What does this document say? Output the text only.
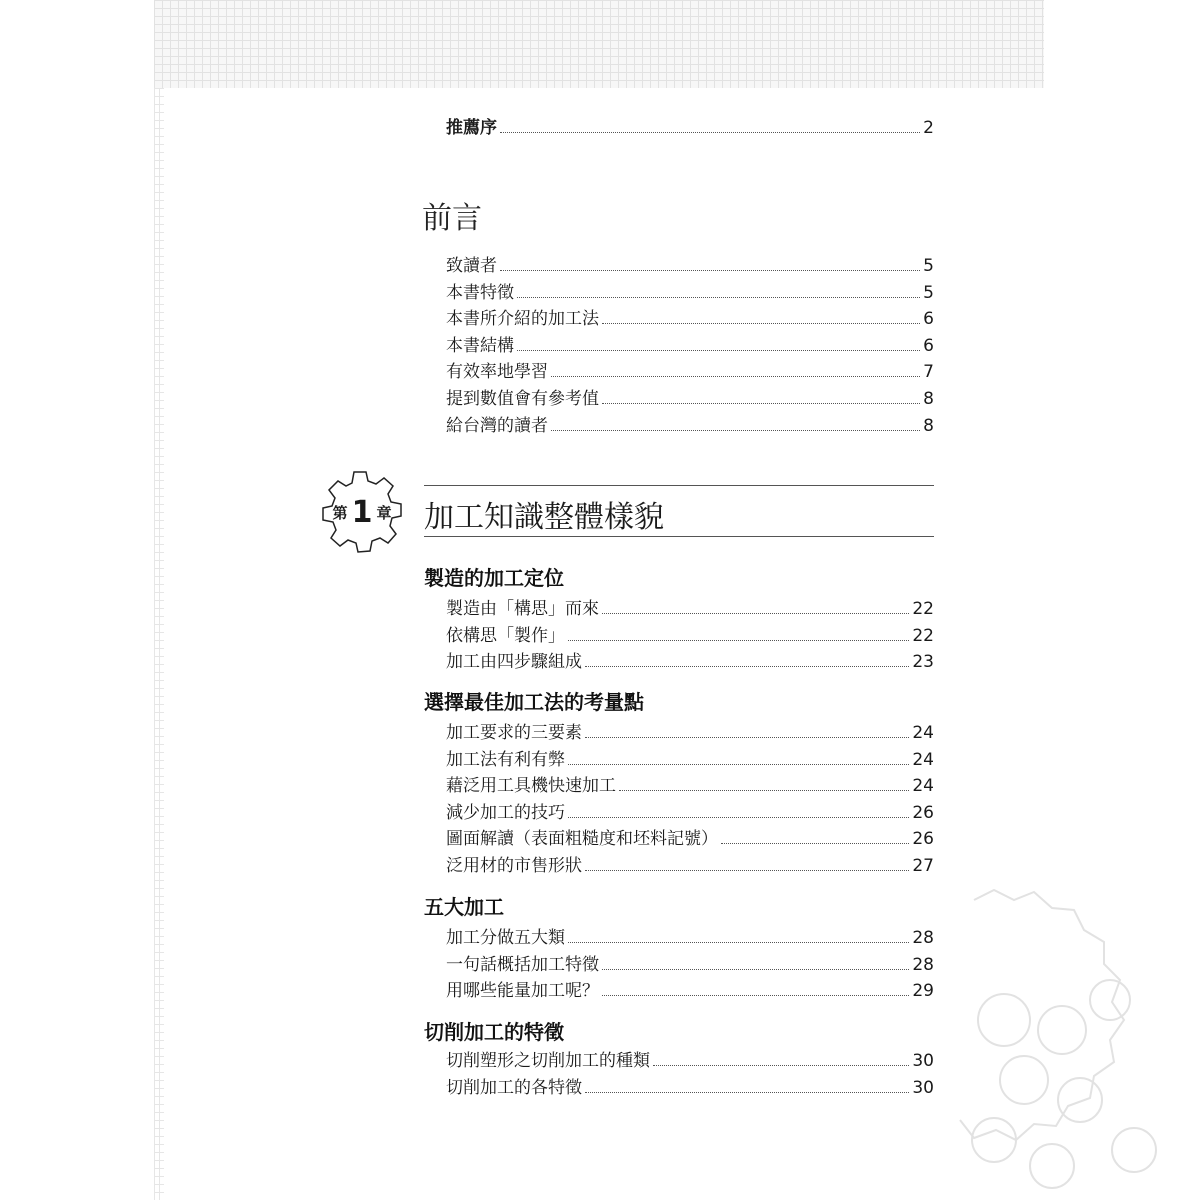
推薦序	2
前言
致讀者	5
本書特徵	5
本書所介紹的加工法	6
本書結構	6
有效率地學習	7
提到數值會有參考值	8
給台灣的讀者	8
第 1 章 加工知識整體樣貌
製造的加工定位
製造由「構思」而來	22
依構思「製作」	22
加工由四步驟組成	23
選擇最佳加工法的考量點
加工要求的三要素	24
加工法有利有弊	24
藉泛用工具機快速加工	24
減少加工的技巧	26
圖面解讀（表面粗糙度和坯料記號）	26
泛用材的市售形狀	27
五大加工
加工分做五大類	28
一句話概括加工特徵	28
用哪些能量加工呢？	29
切削加工的特徵
切削塑形之切削加工的種類	30
切削加工的各特徵	30
